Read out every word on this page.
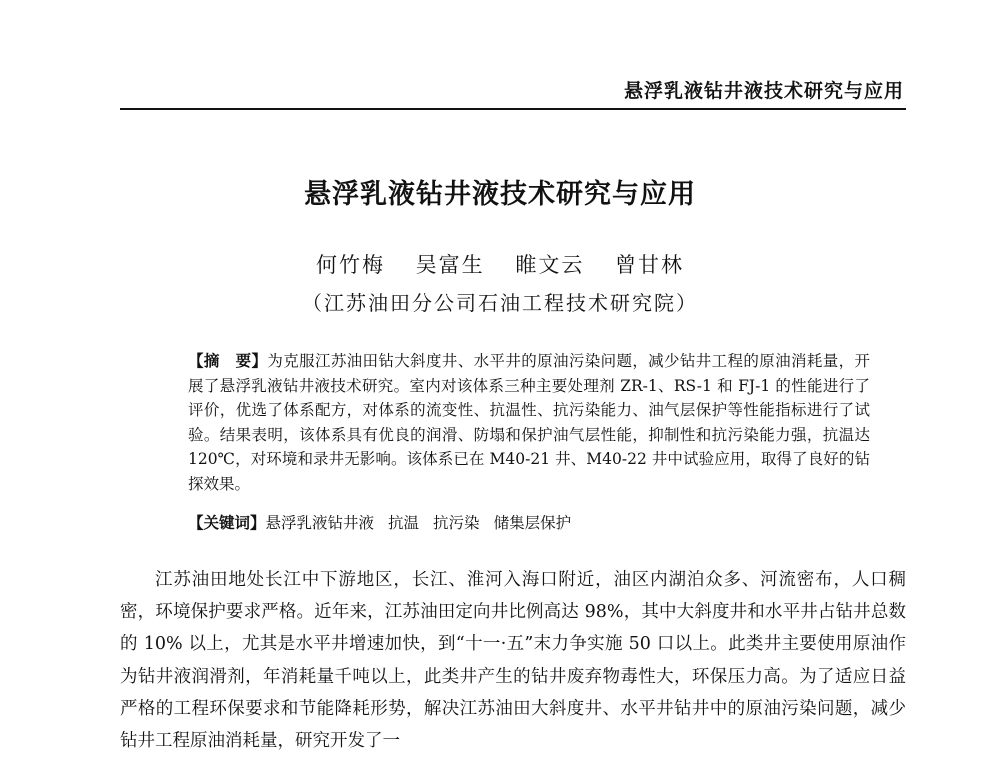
悬浮乳液钻井液技术研究与应用
悬浮乳液钻井液技术研究与应用
何竹梅 吴富生 睢文云 曾甘林
（江苏油田分公司石油工程技术研究院）
【摘　要】为克服江苏油田钻大斜度井、水平井的原油污染问题，减少钻井工程的原油消耗量，开展了悬浮乳液钻井液技术研究。室内对该体系三种主要处理剂 ZR-1、RS-1 和 FJ-1 的性能进行了评价，优选了体系配方，对体系的流变性、抗温性、抗污染能力、油气层保护等性能指标进行了试验。结果表明，该体系具有优良的润滑、防塌和保护油气层性能，抑制性和抗污染能力强，抗温达 120℃，对环境和录井无影响。该体系已在 M40-21 井、M40-22 井中试验应用，取得了良好的钻探效果。
【关键词】悬浮乳液钻井液 抗温 抗污染 储集层保护

江苏油田地处长江中下游地区，长江、淮河入海口附近，油区内湖泊众多、河流密布，人口稠密，环境保护要求严格。近年来，江苏油田定向井比例高达 98%，其中大斜度井和水平井占钻井总数的 10% 以上，尤其是水平井增速加快，到“十一·五”末力争实施 50 口以上。此类井主要使用原油作为钻井液润滑剂，年消耗量千吨以上，此类井产生的钻井废弃物毒性大，环保压力高。为了适应日益严格的工程环保要求和节能降耗形势，解决江苏油田大斜度井、水平井钻井中的原油污染问题，减少钻井工程原油消耗量，研究开发了一
